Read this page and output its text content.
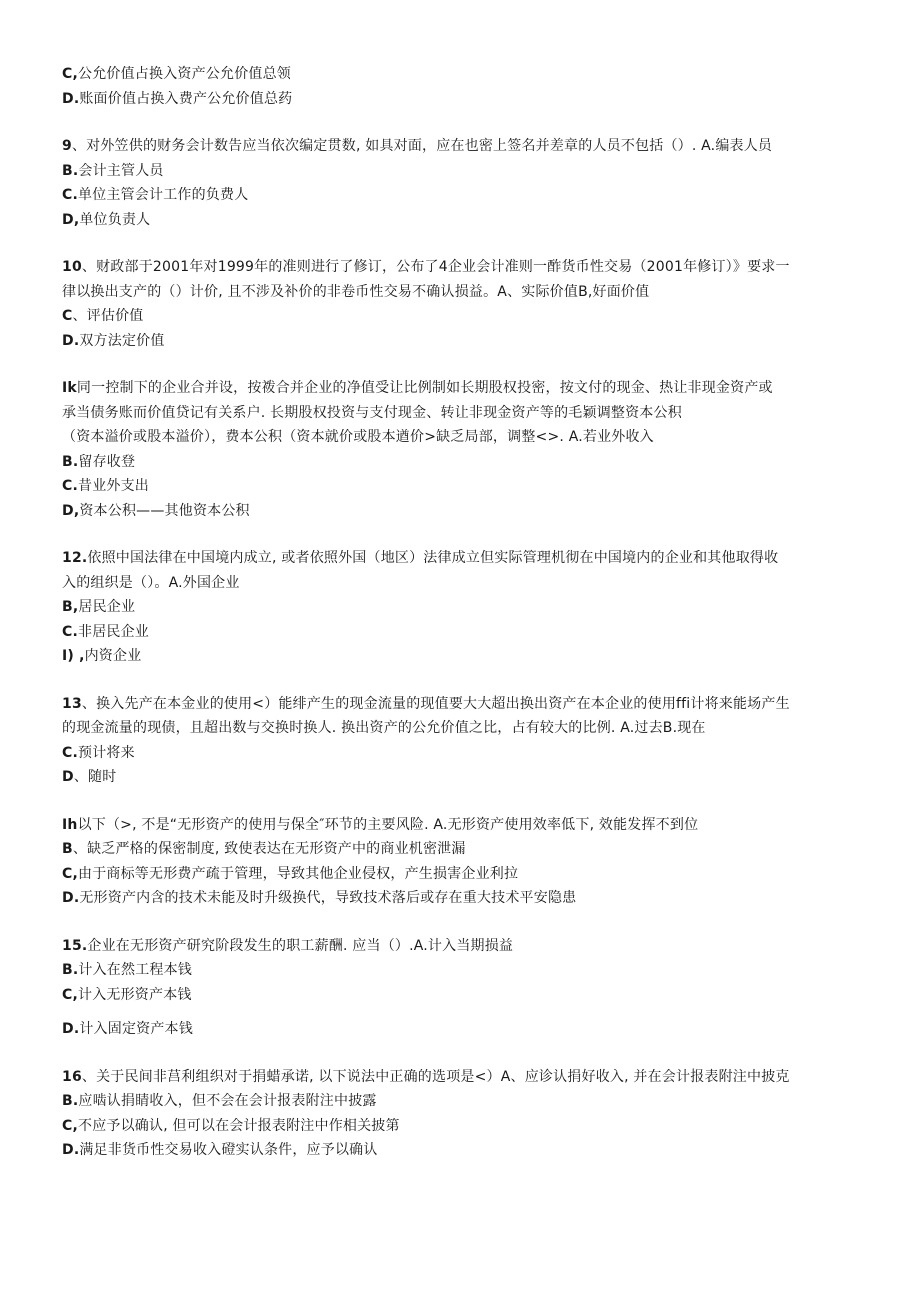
C,公允价值占换入资产公允价值总领
D.账面价值占换入费产公允价值总药
9、对外笠供的财务会计数告应当依次编定贯数, 如具对面，应在也密上签名并差章的人员不包括（）. A.编表人员
B.会计主管人员
C.单位主管会计工作的负费人
D,单位负责人
10、财政部于2001年对1999年的准则进行了修订，公布了4企业会计准则一酢货币性交易（2001年修订）》要求一
律以换出支产的（）计价, 且不涉及补价的非卷币性交易不确认损益。A、实际价值B,好面价值
C、评估价值
D.双方法定价值
Ik同一控制下的企业合并设，按袯合并企业的净值受让比例制如长期股权投密，按文付的现金、热让非现金资产或
承当债务账而价值贷记有关系户. 长期股权投资与支付现金、转让非现金资产等的毛颖调整资本公积
（资本溢价或股本溢价），费本公积（资本就价或股本遒价>缺乏局部，调整<>. A.若业外收入
B.留存收登
C.昔业外支出
D,资本公积——其他资本公积
12.依照中国法律在中国境内成立, 或者依照外国（地区）法律成立但实际管理机彻在中国境内的企业和其他取得收
入的组织是（）。A.外国企业
B,居民企业
C.非居民企业
I) ,内资企业
13、换入先产在本金业的使用<）能绯产生的现金流量的现值要大大超出换出资产在本企业的使用ffi计将来能场产生
的现金流量的现债，且超出数与交换时换人. 换出资产的公允价值之比，占有较大的比例. A.过去B.现在
C.预计将来
D、随时
Ih以下（>, 不是“无形资产的使用与保全″环节的主要风险. A.无形资产使用效率低下, 效能发挥不到位
B、缺乏严格的保密制度, 致使表达在无形资产中的商业机密泄漏
C,由于商标等无形费产疏于管理，导致其他企业侵权，产生损害企业利拉
D.无形资产内含的技术未能及时升级换代，导致技术落后或存在重大技术平安隐患
15.企业在无形资产研究阶段发生的职工薪酬. 应当（）.A.计入当期损益
B.计入在然工程本钱
C,计入无形资产本钱
D.计入固定资产本钱
16、关于民间非莒利组织对于捐蜡承诺, 以下说法中正确的选项是<）A、应诊认捐好收入, 并在会计报表附注中披克
B.应啮认捐睛收入，但不会在会计报表附注中披露
C,不应予以确认, 但可以在会计报表附注中作相关披第
D.满足非货币性交易收入磴实认条件，应予以确认
